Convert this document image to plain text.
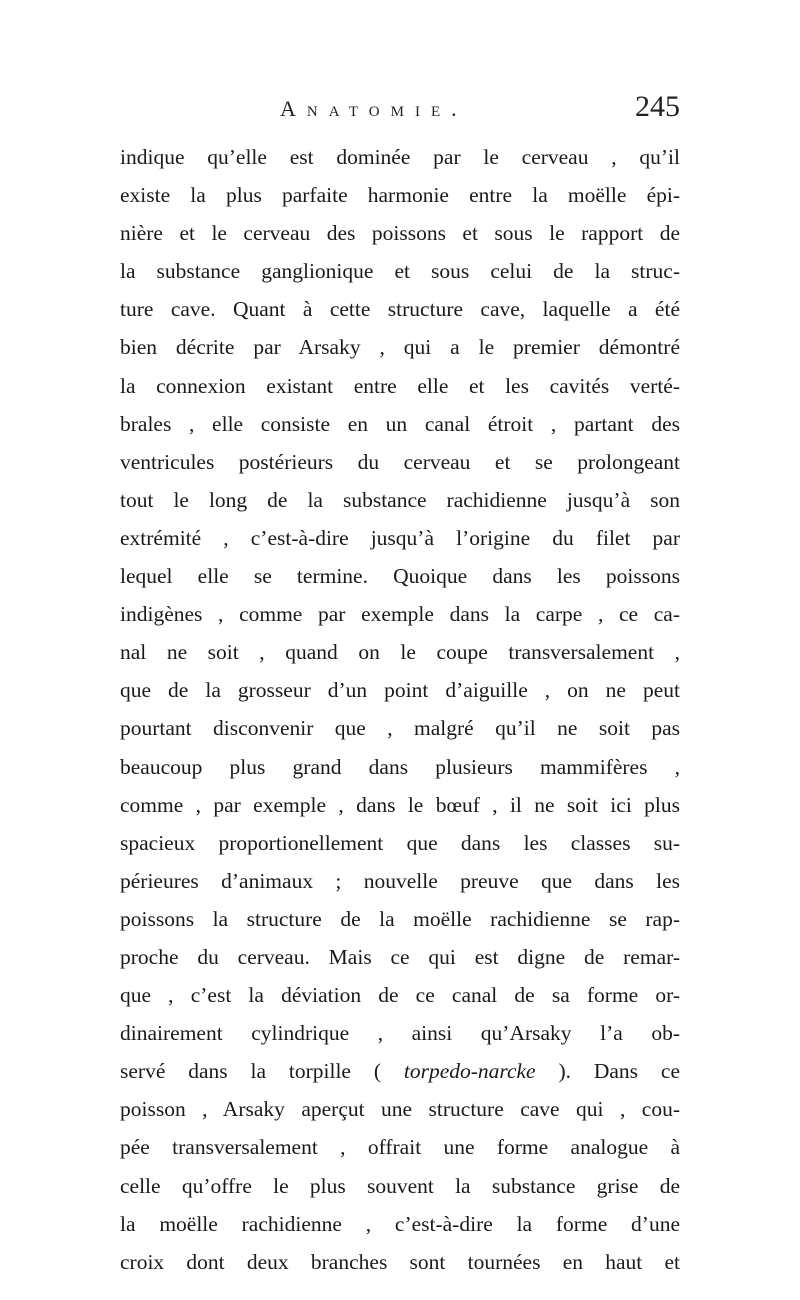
Anatomie.	245
indique qu’elle est dominée par le cerveau , qu’il
existe la plus parfaite harmonie entre la moëlle épi-
nière et le cerveau des poissons et sous le rapport de
la substance ganglionique et sous celui de la struc-
ture cave. Quant à cette structure cave, laquelle a été
bien décrite par Arsaky , qui a le premier démontré
la connexion existant entre elle et les cavités verté-
brales , elle consiste en un canal étroit , partant des
ventricules postérieurs du cerveau et se prolongeant
tout le long de la substance rachidienne jusqu’à son
extrémité , c’est-à-dire jusqu’à l’origine du filet par
lequel elle se termine. Quoique dans les poissons
indigènes , comme par exemple dans la carpe , ce ca-
nal ne soit , quand on le coupe transversalement ,
que de la grosseur d’un point d’aiguille , on ne peut
pourtant disconvenir que , malgré qu’il ne soit pas
beaucoup plus grand dans plusieurs mammifères ,
comme , par exemple , dans le bœuf , il ne soit ici plus
spacieux proportionellement que dans les classes su-
périeures d’animaux ; nouvelle preuve que dans les
poissons la structure de la moëlle rachidienne se rap-
proche du cerveau. Mais ce qui est digne de remar-
que , c’est la déviation de ce canal de sa forme or-
dinairement cylindrique , ainsi qu’Arsaky l’a ob-
servé dans la torpille ( torpedo-narcke ). Dans ce
poisson , Arsaky aperçut une structure cave qui , cou-
pée transversalement , offrait une forme analogue à
celle qu’offre le plus souvent la substance grise de
la moëlle rachidienne , c’est-à-dire la forme d’une
croix dont deux branches sont tournées en haut et
